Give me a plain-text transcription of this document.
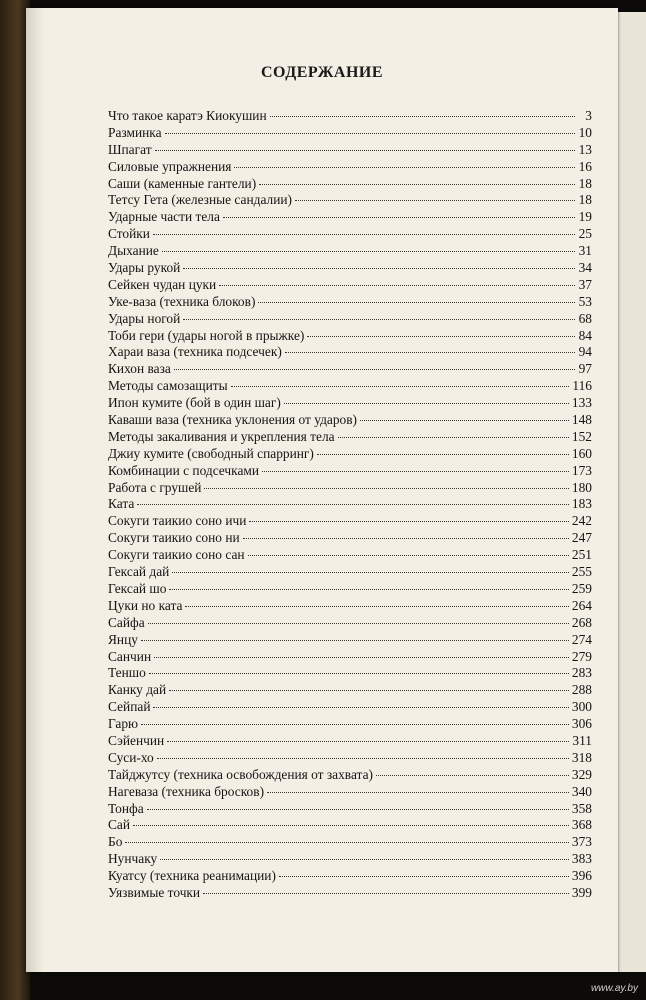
СОДЕРЖАНИЕ
Что такое каратэ Киокушин	3
Разминка	10
Шпагат	13
Силовые упражнения	16
Саши (каменные гантели)	18
Тетсу Гета (железные сандалии)	18
Ударные части тела	19
Стойки	25
Дыхание	31
Удары рукой	34
Сейкен чудан цуки	37
Уке-ваза (техника блоков)	53
Удары ногой	68
Тоби гери (удары ногой в прыжке)	84
Хараи ваза (техника подсечек)	94
Кихон ваза	97
Методы самозащиты	116
Ипон кумите (бой в один шаг)	133
Каваши ваза (техника уклонения от ударов)	148
Методы закаливания и укрепления тела	152
Джиу кумите (свободный спарринг)	160
Комбинации с подсечками	173
Работа с грушей	180
Ката	183
Сокуги таикио соно ичи	242
Сокуги таикио соно ни	247
Сокуги таикио соно сан	251
Гексай дай	255
Гексай шо	259
Цуки но ката	264
Сайфа	268
Янцу	274
Санчин	279
Теншо	283
Канку дай	288
Сейпай	300
Гарю	306
Сэйенчин	311
Суси-хо	318
Тайджутсу (техника освобождения от захвата)	329
Нагеваза (техника бросков)	340
Тонфа	358
Сай	368
Бо	373
Нунчаку	383
Куатсу (техника реанимации)	396
Уязвимые точки	399
www.ay.by
